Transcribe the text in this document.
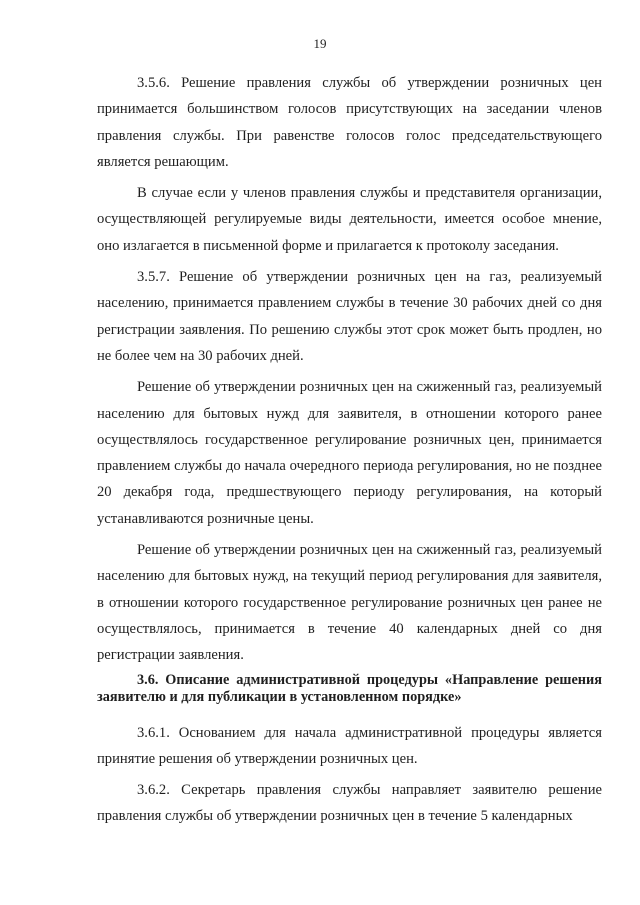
19

3.5.6. Решение правления службы об утверждении розничных цен принимается большинством голосов присутствующих на заседании членов правления службы. При равенстве голосов голос председательствующего является решающим.

В случае если у членов правления службы и представителя организации, осуществляющей регулируемые виды деятельности, имеется особое мнение, оно излагается в письменной форме и прилагается к протоколу заседания.

3.5.7. Решение об утверждении розничных цен на газ, реализуемый населению, принимается правлением службы в течение 30 рабочих дней со дня регистрации заявления. По решению службы этот срок может быть продлен, но не более чем на 30 рабочих дней.

Решение об утверждении розничных цен на сжиженный газ, реализуемый населению для бытовых нужд для заявителя, в отношении которого ранее осуществлялось государственное регулирование розничных цен, принимается правлением службы до начала очередного периода регулирования, но не позднее 20 декабря года, предшествующего периоду регулирования, на который устанавливаются розничные цены.

Решение об утверждении розничных цен на сжиженный газ, реализуемый населению для бытовых нужд, на текущий период регулирования для заявителя, в отношении которого государственное регулирование розничных цен ранее не осуществлялось, принимается в течение 40 календарных дней со дня регистрации заявления.

3.6. Описание административной процедуры «Направление решения заявителю и для публикации в установленном порядке»

3.6.1. Основанием для начала административной процедуры является принятие решения об утверждении розничных цен.

3.6.2. Секретарь правления службы направляет заявителю решение правления службы об утверждении розничных цен в течение 5 календарных
